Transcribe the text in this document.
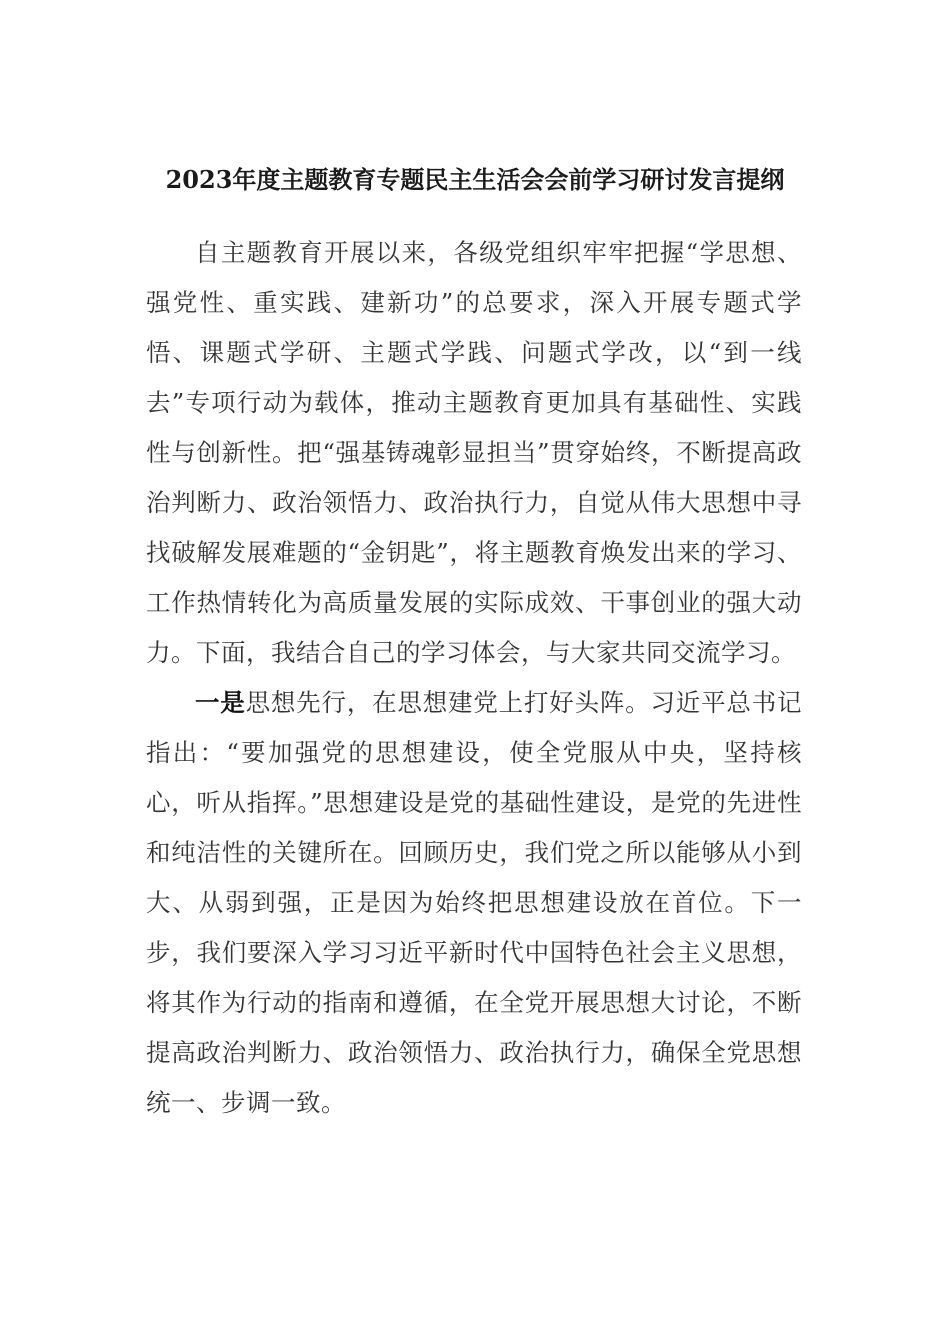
2023年度主题教育专题民主生活会会前学习研讨发言提纲

自主题教育开展以来，各级党组织牢牢把握“学思想、强党性、重实践、建新功”的总要求，深入开展专题式学悟、课题式学研、主题式学践、问题式学改，以“到一线去”专项行动为载体，推动主题教育更加具有基础性、实践性与创新性。把“强基铸魂彰显担当”贯穿始终，不断提高政治判断力、政治领悟力、政治执行力，自觉从伟大思想中寻找破解发展难题的“金钥匙”，将主题教育焕发出来的学习、工作热情转化为高质量发展的实际成效、干事创业的强大动力。下面，我结合自己的学习体会，与大家共同交流学习。

一是思想先行，在思想建党上打好头阵。习近平总书记指出：“要加强党的思想建设，使全党服从中央，坚持核心，听从指挥。”思想建设是党的基础性建设，是党的先进性和纯洁性的关键所在。回顾历史，我们党之所以能够从小到大、从弱到强，正是因为始终把思想建设放在首位。下一步，我们要深入学习习近平新时代中国特色社会主义思想，将其作为行动的指南和遵循，在全党开展思想大讨论，不断提高政治判断力、政治领悟力、政治执行力，确保全党思想统一、步调一致。
